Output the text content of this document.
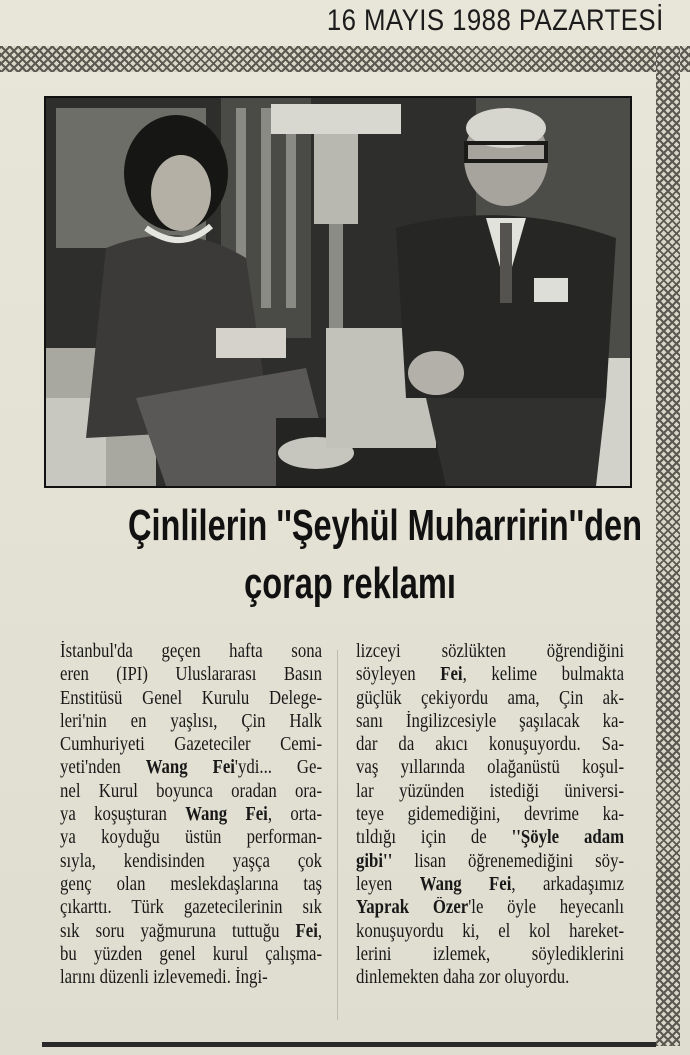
16 MAYIS 1988 PAZARTESİ
Çinlilerin ''Şeyhül Muharririn''den
çorap reklamı
İstanbul'da geçen hafta sona
eren (IPI) Uluslararası Basın
Enstitüsü Genel Kurulu Delege-
leri'nin en yaşlısı, Çin Halk
Cumhuriyeti Gazeteciler Cemi-
yeti'nden Wang Fei'ydi... Ge-
nel Kurul boyunca oradan ora-
ya koşuşturan Wang Fei, orta-
ya koyduğu üstün performan-
sıyla, kendisinden yaşça çok
genç olan meslekdaşlarına taş
çıkarttı. Türk gazetecilerinin sık
sık soru yağmuruna tuttuğu Fei,
bu yüzden genel kurul çalışma-
larını düzenli izlevemedi. İngi-
lizceyi sözlükten öğrendiğini
söyleyen Fei, kelime bulmakta
güçlük çekiyordu ama, Çin ak-
sanı İngilizcesiyle şaşılacak ka-
dar da akıcı konuşuyordu. Sa-
vaş yıllarında olağanüstü koşul-
lar yüzünden istediği üniversi-
teye gidemediğini, devrime ka-
tıldığı için de ''Şöyle adam
gibi'' lisan öğrenemediğini söy-
leyen Wang Fei, arkadaşımız
Yaprak Özer'le öyle heyecanlı
konuşuyordu ki, el kol hareket-
lerini izlemek, söylediklerini
dinlemekten daha zor oluyordu.
